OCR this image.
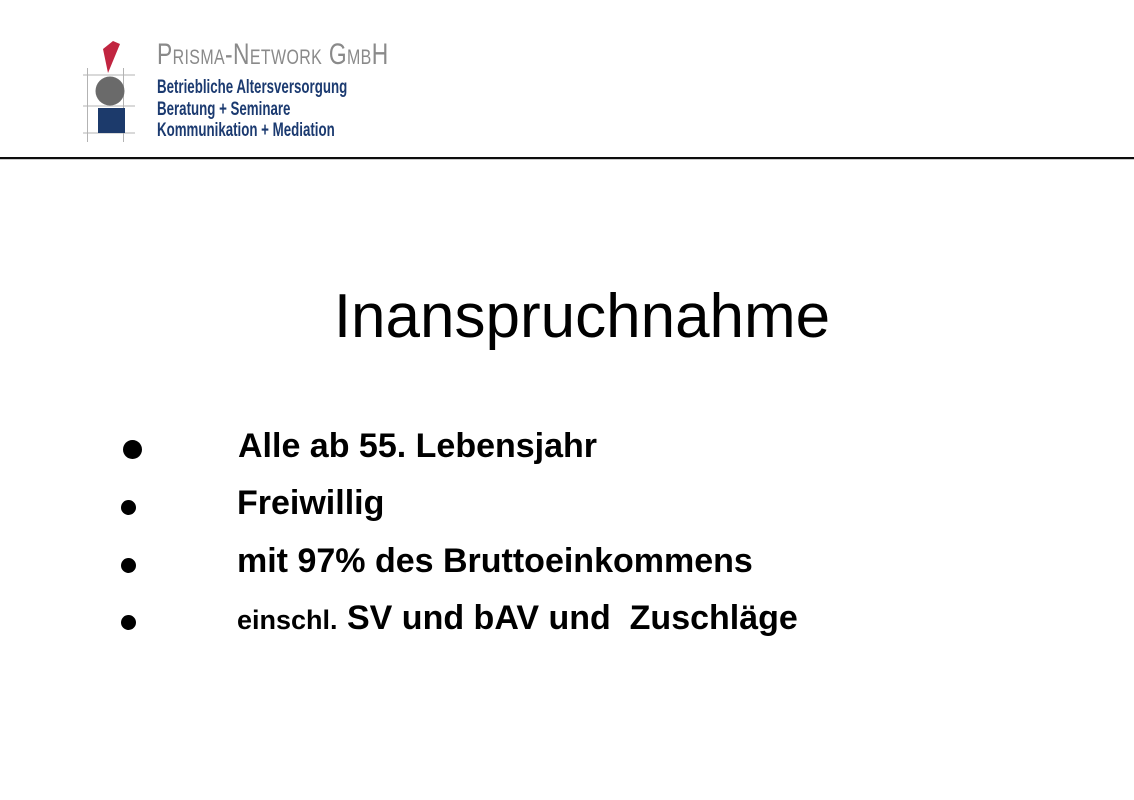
Prisma-Network GmbH
Betriebliche Altersversorgung
Beratung + Seminare
Kommunikation + Mediation
Inanspruchnahme
Alle ab 55. Lebensjahr
Freiwillig
mit 97% des Bruttoeinkommens
einschl. SV und bAV und  Zuschläge
